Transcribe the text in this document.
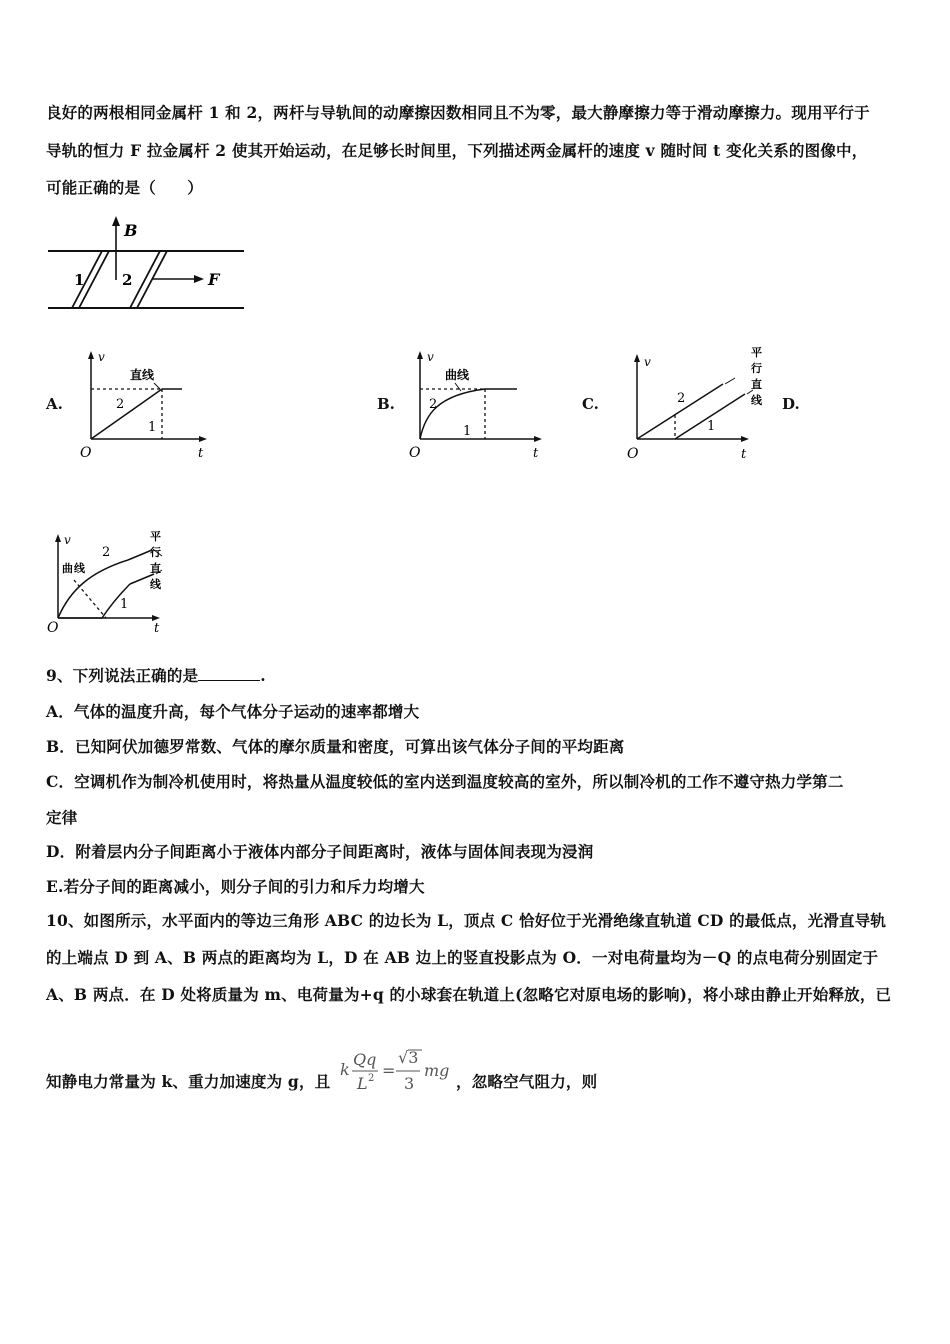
良好的两根相同金属杆 1 和 2，两杆与导轨间的动摩擦因数相同且不为零，最大静摩擦力等于滑动摩擦力。现用平行于
导轨的恒力 F 拉金属杆 2 使其开始运动，在足够长时间里，下列描述两金属杆的速度 v 随时间 t 变化关系的图像中，
可能正确的是（　　）
B
F
1	2
A.	B.	C.	D.
v
O	t
直线
2
1
v
O	t
曲线
2
1
v
O	t
2
1
平
行
直
线
v
O	t
曲 线
2
1
平
行
直
线
9、下列说法正确的是	.
A．气体的温度升高，每个气体分子运动的速率都增大
B．已知阿伏加德罗常数、气体的摩尔质量和密度，可算出该气体分子间的平均距离
C．空调机作为制冷机使用时，将热量从温度较低的室内送到温度较高的室外，所以制冷机的工作不遵守热力学第二
定律
D．附着层内分子间距离小于液体内部分子间距离时，液体与固体间表现为浸润
E.若分子间的距离减小，则分子间的引力和斥力均增大
10、如图所示，水平面内的等边三角形 ABC 的边长为 L，顶点 C 恰好位于光滑绝缘直轨道 CD 的最低点，光滑直导轨
的上端点 D 到 A、B 两点的距离均为 L，D 在 AB 边上的竖直投影点为 O．一对电荷量均为－Q 的点电荷分别固定于
A、B 两点．在 D 处将质量为 m、电荷量为+q 的小球套在轨道上(忽略它对原电场的影响)，将小球由静止开始释放，已
知静电力常量为 k、重力加速度为 g，且
k
Qq
L 2 =
√3
3
mg
，忽略空气阻力，则
